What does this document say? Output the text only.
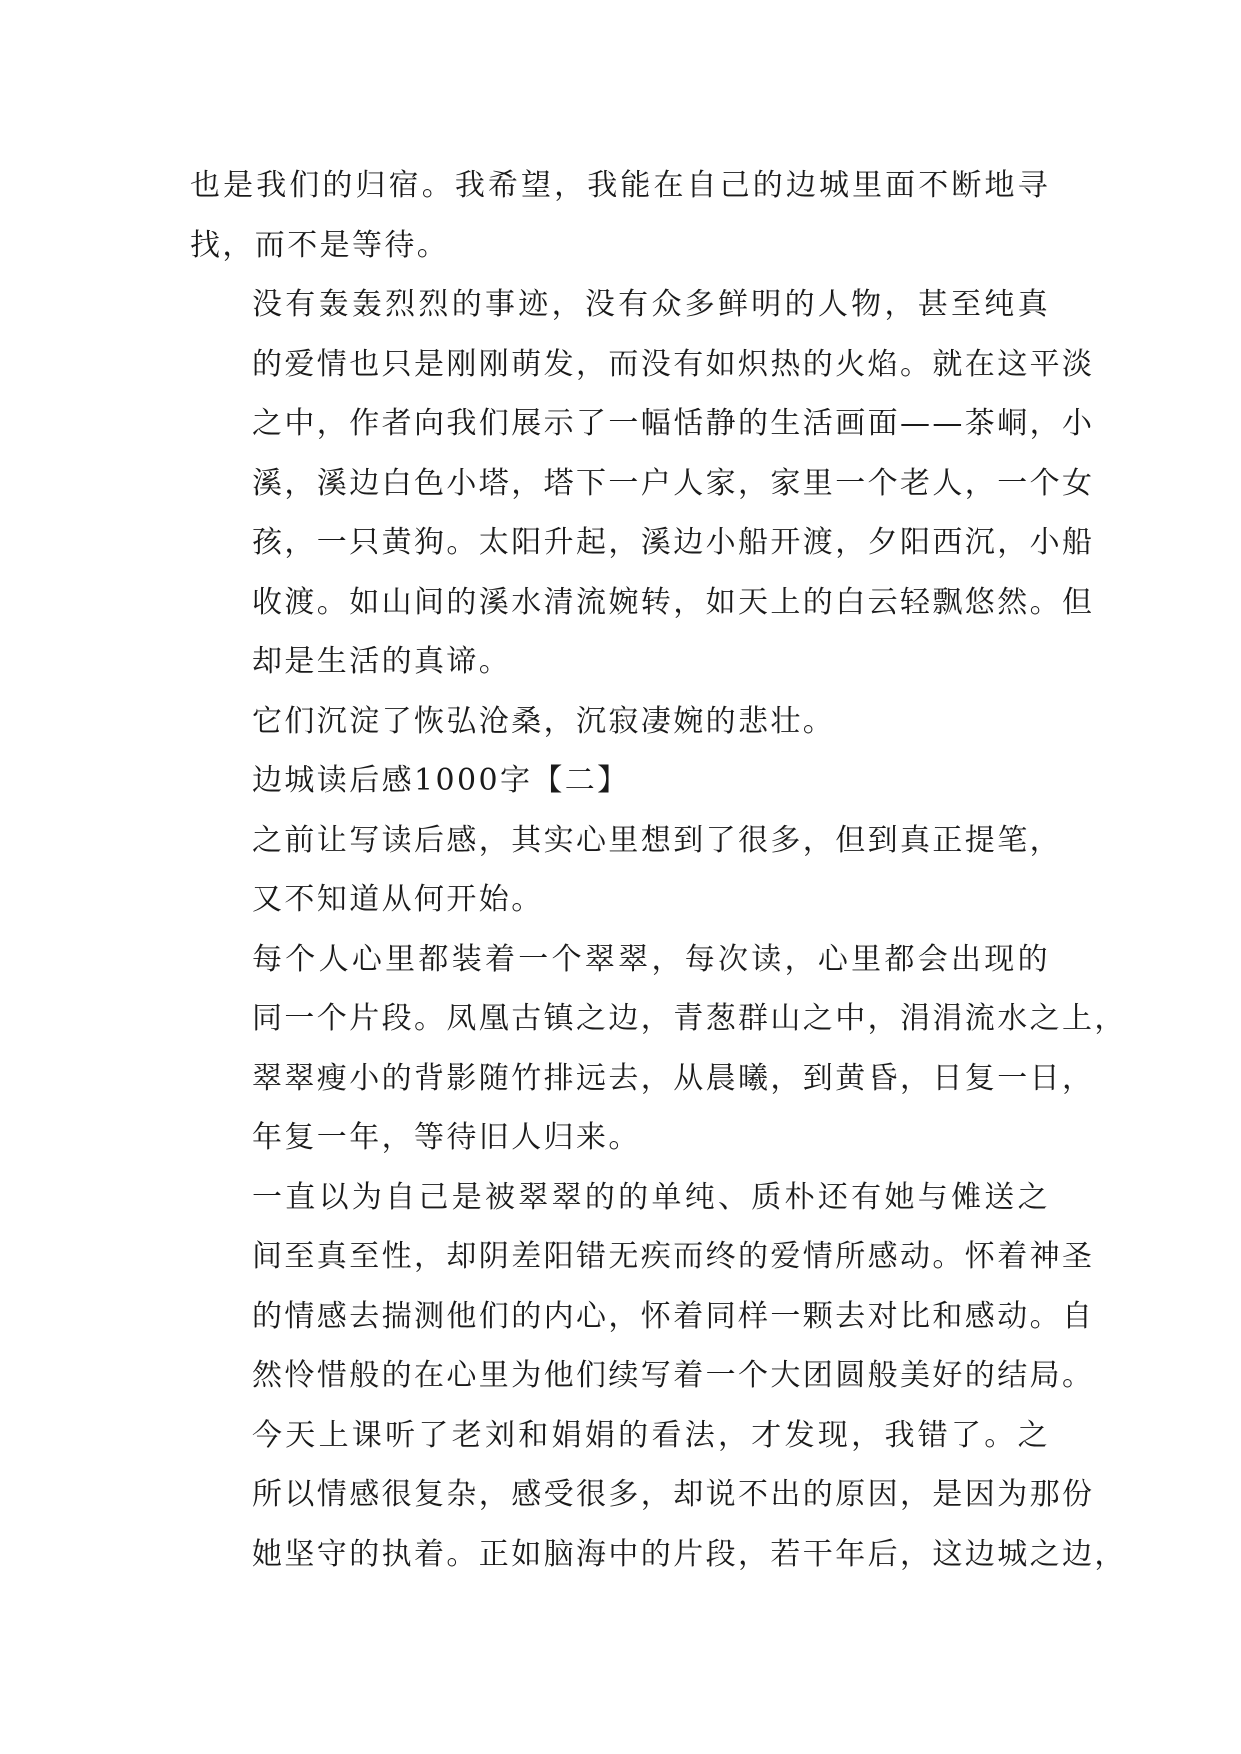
也是我们的归宿。我希望，我能在自己的边城里面不断地寻
找，而不是等待。

没有轰轰烈烈的事迹，没有众多鲜明的人物，甚至纯真
的爱情也只是刚刚萌发，而没有如炽热的火焰。就在这平淡
之中，作者向我们展示了一幅恬静的生活画面——茶峒，小
溪，溪边白色小塔，塔下一户人家，家里一个老人，一个女
孩，一只黄狗。太阳升起，溪边小船开渡，夕阳西沉，小船
收渡。如山间的溪水清流婉转，如天上的白云轻飘悠然。但
却是生活的真谛。

它们沉淀了恢弘沧桑，沉寂凄婉的悲壮。

边城读后感1000字【二】

之前让写读后感，其实心里想到了很多，但到真正提笔，
又不知道从何开始。

每个人心里都装着一个翠翠，每次读，心里都会出现的
同一个片段。凤凰古镇之边，青葱群山之中，涓涓流水之上，
翠翠瘦小的背影随竹排远去，从晨曦，到黄昏，日复一日，
年复一年，等待旧人归来。

一直以为自己是被翠翠的的单纯、质朴还有她与傩送之
间至真至性，却阴差阳错无疾而终的爱情所感动。怀着神圣
的情感去揣测他们的内心，怀着同样一颗去对比和感动。自
然怜惜般的在心里为他们续写着一个大团圆般美好的结局。

今天上课听了老刘和娟娟的看法，才发现，我错了。之
所以情感很复杂，感受很多，却说不出的原因，是因为那份
她坚守的执着。正如脑海中的片段，若干年后，这边城之边，
